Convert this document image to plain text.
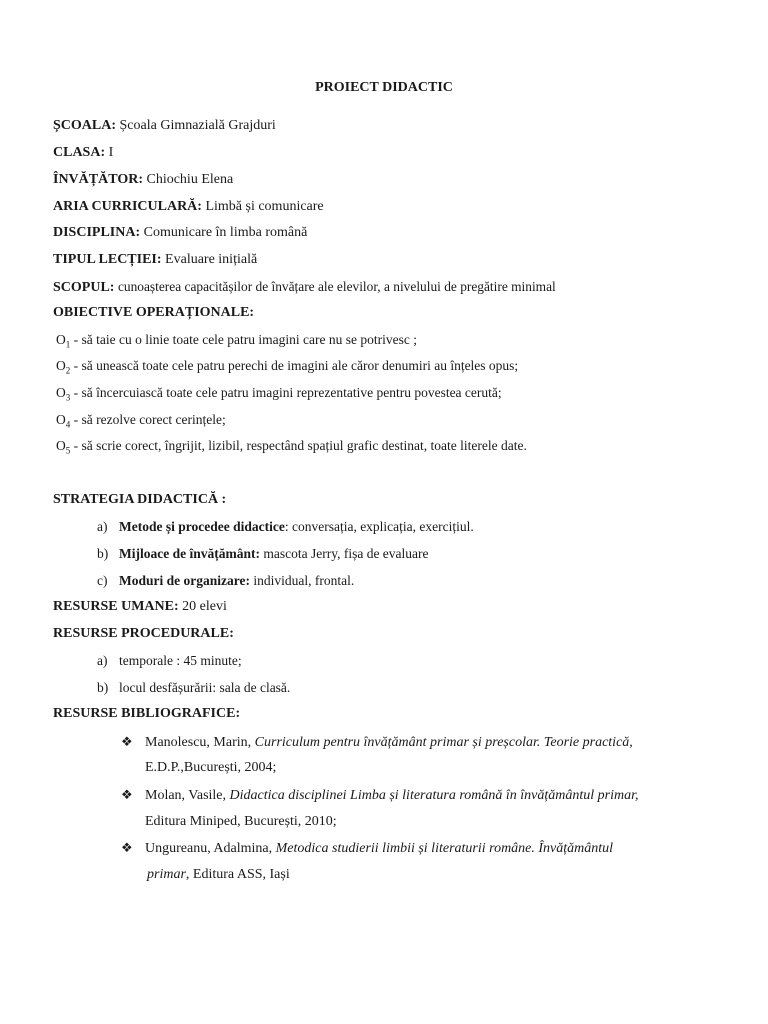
PROIECT DIDACTIC
ȘCOALA: Școala Gimnazială Grajduri
CLASA: I
ÎNVĂȚĂTOR: Chiochiu Elena
ARIA CURRICULARĂ: Limbă și comunicare
DISCIPLINA: Comunicare în limba română
TIPUL LECȚIEI: Evaluare inițială
SCOPUL: cunoașterea capacitășilor de învățare ale elevilor, a nivelului de pregătire minimal
OBIECTIVE OPERAȚIONALE:
$O_1$ - să taie cu o linie toate cele patru imagini care nu se potrivesc ;
$O_2$ - să unească toate cele patru perechi de imagini ale căror denumiri au înțeles opus;
$O_3$ - să încercuiască toate cele patru imagini reprezentative pentru povestea cerută;
$O_4$ - să rezolve corect cerințele;
$O_5$ - să scrie corect, îngrijit, lizibil, respectând spațiul grafic destinat, toate literele date.
STRATEGIA DIDACTICĂ :
a) Metode și procedee didactice: conversația, explicația, exercițiul.
b) Mijloace de învățământ: mascota Jerry, fișa de evaluare
c) Moduri de organizare: individual, frontal.
RESURSE UMANE: 20 elevi
RESURSE PROCEDURALE:
a) temporale : 45 minute;
b) locul desfășurării: sala de clasă.
RESURSE BIBLIOGRAFICE:
❖ Manolescu, Marin, Curriculum pentru învățământ primar și preșcolar. Teorie practică,
E.D.P.,București, 2004;
❖ Molan, Vasile, Didactica disciplinei Limba și literatura română în învățământul primar,
Editura Miniped, București, 2010;
❖ Ungureanu, Adalmina, Metodica studierii limbii și literaturii române. Învățământul
primar, Editura ASS, Iași
